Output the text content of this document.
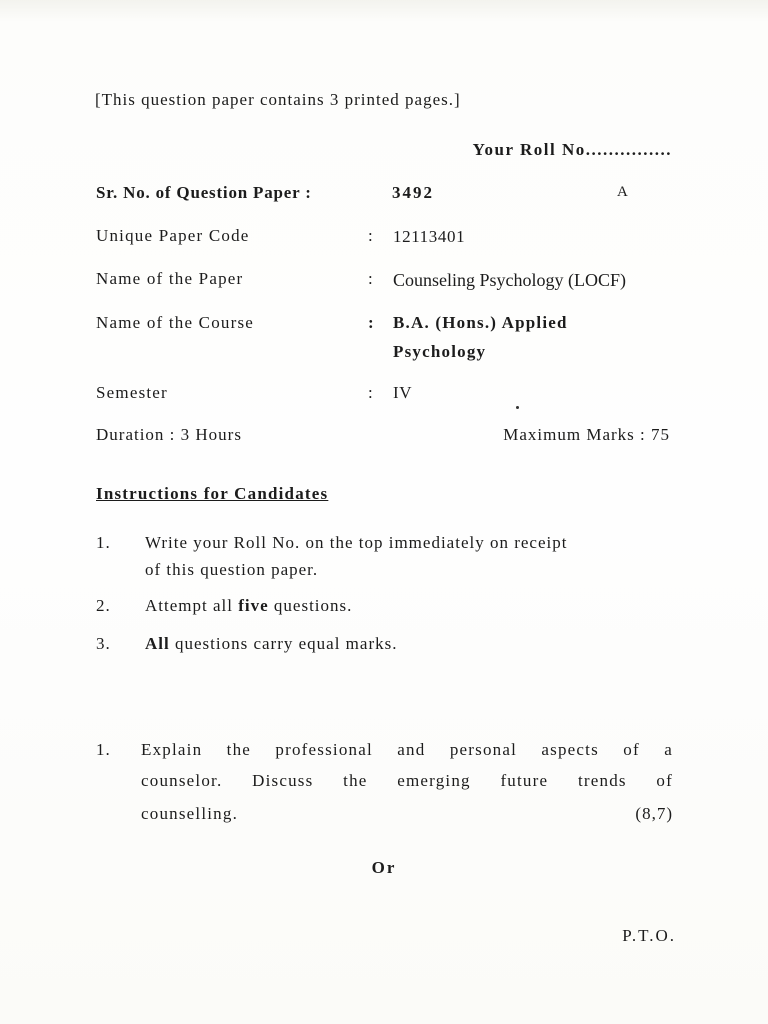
[This question paper contains 3 printed pages.]
Your Roll No...............
Sr. No. of Question Paper :	3492	A
Unique Paper Code	: 12113401
Name of the Paper	: Counseling Psychology (LOCF)
Name of the Course	: B.A. (Hons.) Applied
Psychology
Semester	: IV
Duration : 3 Hours	Maximum Marks : 75
Instructions for Candidates
1. Write your Roll No. on the top immediately on receipt
of this question paper.
2. Attempt all five questions.
3. All questions carry equal marks.
1. Explain the professional and personal aspects of a
counselor. Discuss the emerging future trends of
counselling.	(8,7)
Or
P.T.O.
